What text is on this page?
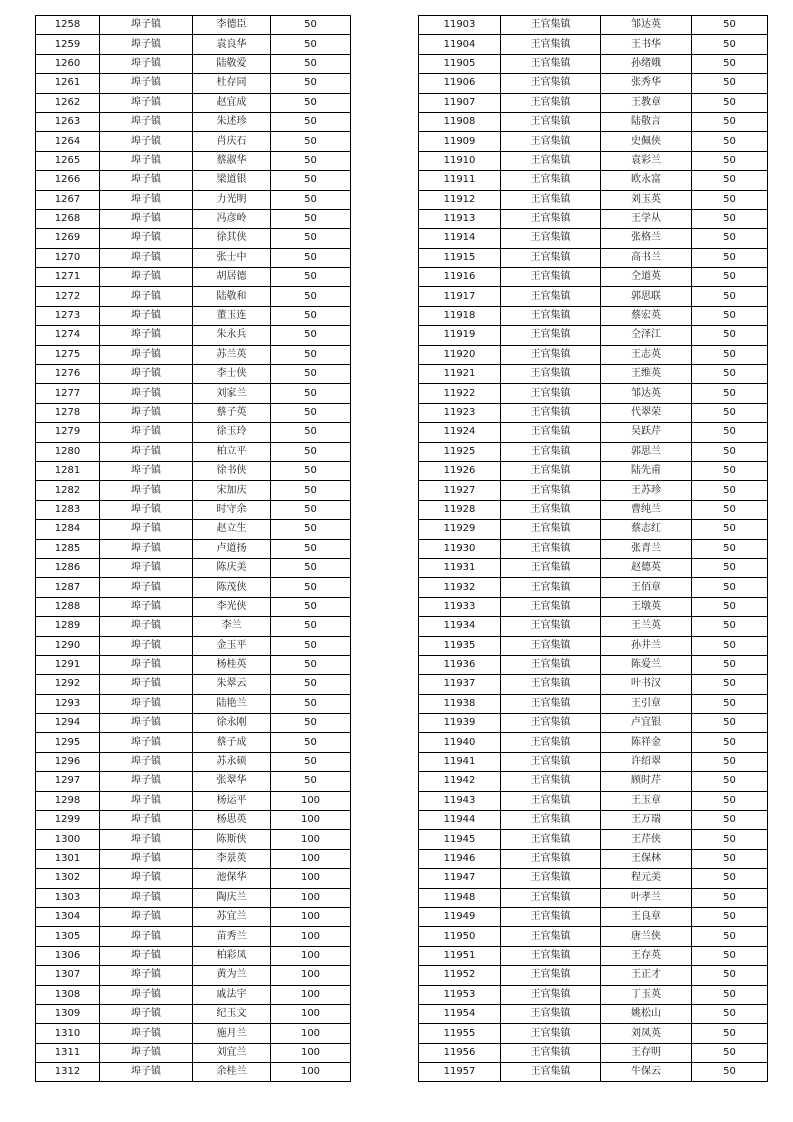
1258	埠子镇	李德臣	50
1259	埠子镇	袁良华	50
1260	埠子镇	陆敬爱	50
1261	埠子镇	杜存同	50
1262	埠子镇	赵宜成	50
1263	埠子镇	朱述珍	50
1264	埠子镇	肖庆石	50
1265	埠子镇	蔡淑华	50
1266	埠子镇	梁道银	50
1267	埠子镇	力光明	50
1268	埠子镇	冯彦岭	50
1269	埠子镇	徐其侠	50
1270	埠子镇	张士中	50
1271	埠子镇	胡居德	50
1272	埠子镇	陆敬和	50
1273	埠子镇	董玉连	50
1274	埠子镇	朱永兵	50
1275	埠子镇	苏兰英	50
1276	埠子镇	李士侠	50
1277	埠子镇	刘家兰	50
1278	埠子镇	蔡子英	50
1279	埠子镇	徐玉玲	50
1280	埠子镇	柏立平	50
1281	埠子镇	徐书侠	50
1282	埠子镇	宋加庆	50
1283	埠子镇	时守余	50
1284	埠子镇	赵立生	50
1285	埠子镇	卢道扬	50
1286	埠子镇	陈庆美	50
1287	埠子镇	陈茂侠	50
1288	埠子镇	李光侠	50
1289	埠子镇	李兰	50
1290	埠子镇	金玉平	50
1291	埠子镇	杨桂英	50
1292	埠子镇	朱翠云	50
1293	埠子镇	陆艳兰	50
1294	埠子镇	徐永刚	50
1295	埠子镇	蔡子成	50
1296	埠子镇	苏永硕	50
1297	埠子镇	张翠华	50
1298	埠子镇	杨运平	100
1299	埠子镇	杨思英	100
1300	埠子镇	陈斯侠	100
1301	埠子镇	李景英	100
1302	埠子镇	池保华	100
1303	埠子镇	陶庆兰	100
1304	埠子镇	苏宜兰	100
1305	埠子镇	苗秀兰	100
1306	埠子镇	柏彩凤	100
1307	埠子镇	黄为兰	100
1308	埠子镇	戚法宇	100
1309	埠子镇	纪玉文	100
1310	埠子镇	施月兰	100
1311	埠子镇	刘宜兰	100
1312	埠子镇	余桂兰	100
11903	王官集镇	邹达英	50
11904	王官集镇	王书华	50
11905	王官集镇	孙绪娥	50
11906	王官集镇	张秀华	50
11907	王官集镇	王教章	50
11908	王官集镇	陆敬言	50
11909	王官集镇	史佩侠	50
11910	王官集镇	袁彩兰	50
11911	王官集镇	欧永富	50
11912	王官集镇	刘玉英	50
11913	王官集镇	王学从	50
11914	王官集镇	张格兰	50
11915	王官集镇	高书兰	50
11916	王官集镇	仝道英	50
11917	王官集镇	郭思联	50
11918	王官集镇	蔡宏英	50
11919	王官集镇	仝泽江	50
11920	王官集镇	王志英	50
11921	王官集镇	王维英	50
11922	王官集镇	邹达英	50
11923	王官集镇	代翠荣	50
11924	王官集镇	吴跃芹	50
11925	王官集镇	郭思兰	50
11926	王官集镇	陆先甫	50
11927	王官集镇	王苏珍	50
11928	王官集镇	曹纯兰	50
11929	王官集镇	蔡志红	50
11930	王官集镇	张青兰	50
11931	王官集镇	赵德英	50
11932	王官集镇	王佰章	50
11933	王官集镇	王墩英	50
11934	王官集镇	王兰英	50
11935	王官集镇	孙井兰	50
11936	王官集镇	陈爱兰	50
11937	王官集镇	叶书汉	50
11938	王官集镇	王引章	50
11939	王官集镇	卢宜银	50
11940	王官集镇	陈祥金	50
11941	王官集镇	许绍翠	50
11942	王官集镇	顾时芹	50
11943	王官集镇	王玉章	50
11944	王官集镇	王万瑞	50
11945	王官集镇	王芹侠	50
11946	王官集镇	王保林	50
11947	王官集镇	程元美	50
11948	王官集镇	叶孝兰	50
11949	王官集镇	王良章	50
11950	王官集镇	唐兰侠	50
11951	王官集镇	王存英	50
11952	王官集镇	王正才	50
11953	王官集镇	丁玉英	50
11954	王官集镇	姚松山	50
11955	王官集镇	刘凤英	50
11956	王官集镇	王存明	50
11957	王官集镇	牛保云	50
